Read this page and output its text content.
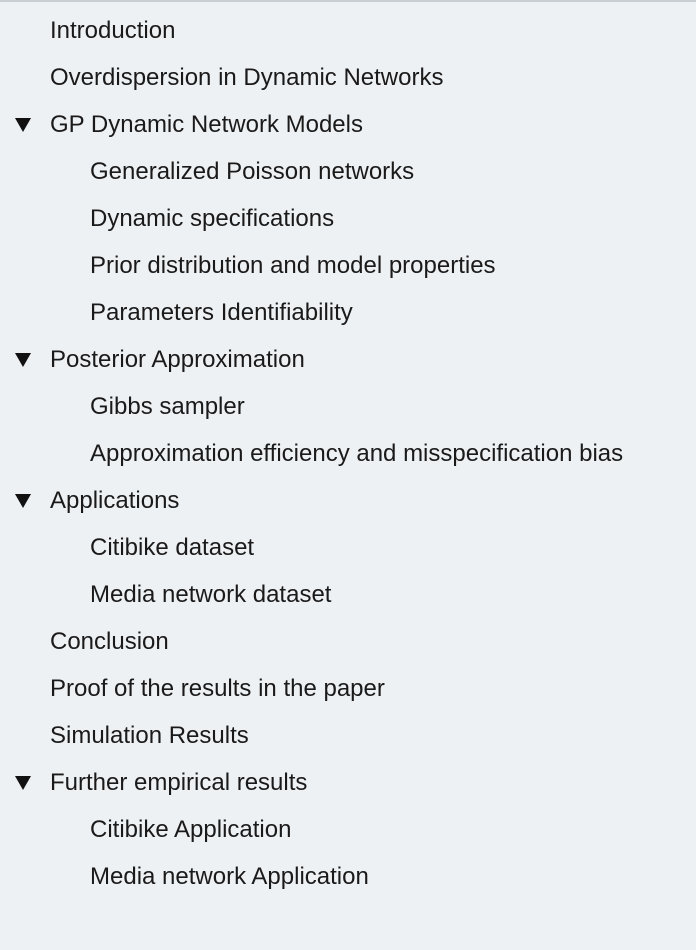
Introduction
Overdispersion in Dynamic Networks
GP Dynamic Network Models
Generalized Poisson networks
Dynamic specifications
Prior distribution and model properties
Parameters Identifiability
Posterior Approximation
Gibbs sampler
Approximation efficiency and misspecification bias
Applications
Citibike dataset
Media network dataset
Conclusion
Proof of the results in the paper
Simulation Results
Further empirical results
Citibike Application
Media network Application
